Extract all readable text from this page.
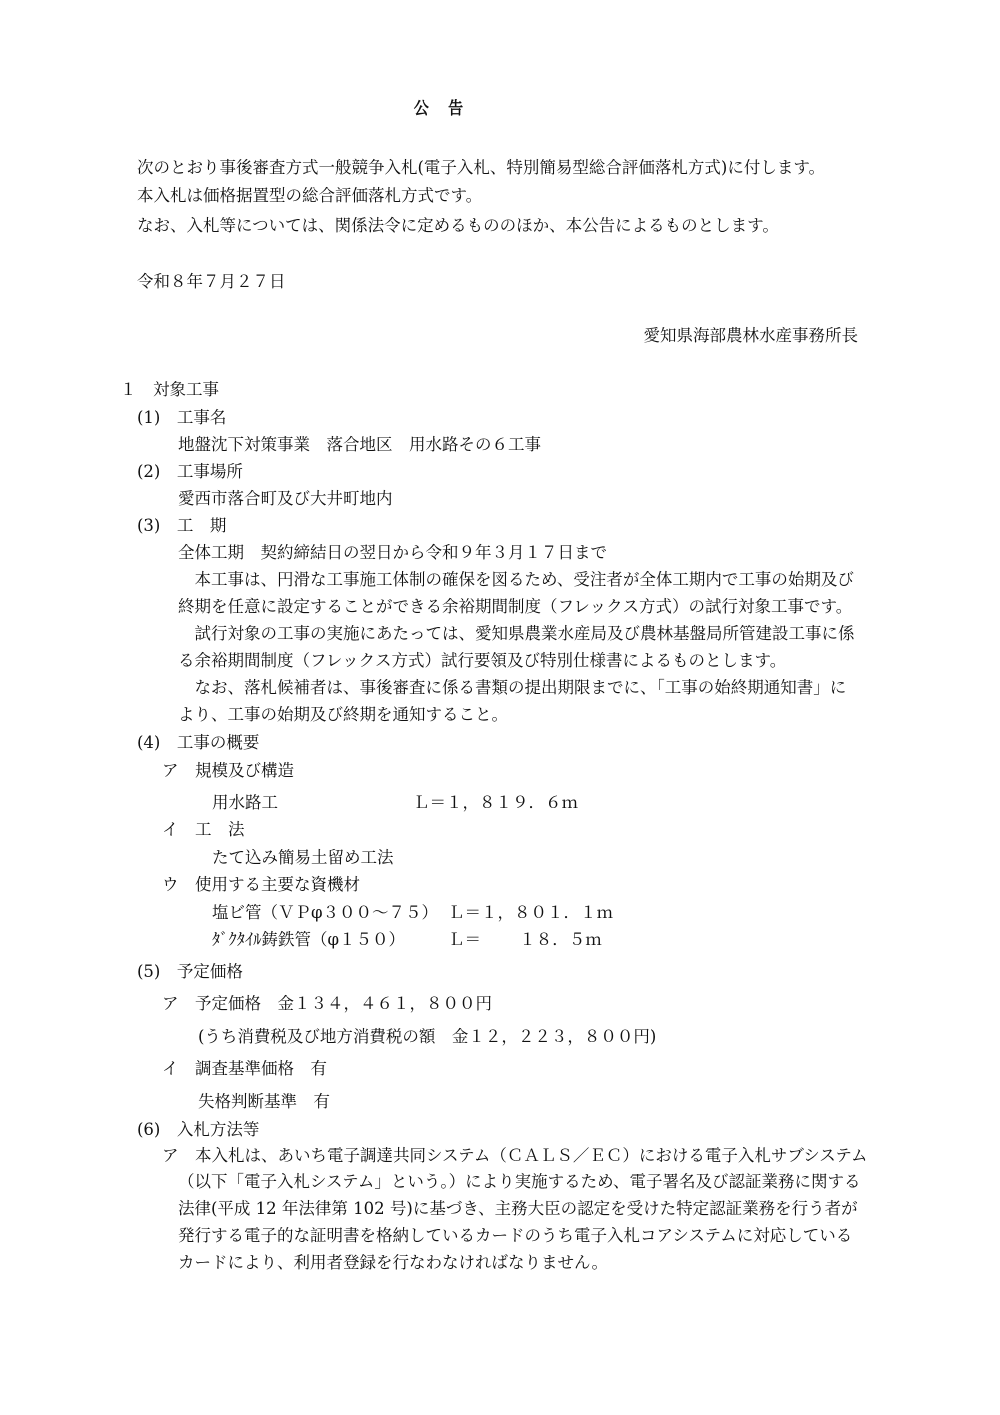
公 告
次のとおり事後審査方式一般競争入札(電子入札、特別簡易型総合評価落札方式)に付します。
本入札は価格据置型の総合評価落札方式です。
なお、入札等については、関係法令に定めるもののほか、本公告によるものとします。
令和８年７月２７日
愛知県海部農林水産事務所長
１　対象工事
(1)　工事名
地盤沈下対策事業　落合地区　用水路その６工事
(2)　工事場所
愛西市落合町及び大井町地内
(3)　工　期
全体工期　契約締結日の翌日から令和９年３月１７日まで
　本工事は、円滑な工事施工体制の確保を図るため、受注者が全体工期内で工事の始期及び
終期を任意に設定することができる余裕期間制度（フレックス方式）の試行対象工事です。
　試行対象の工事の実施にあたっては、愛知県農業水産局及び農林基盤局所管建設工事に係
る余裕期間制度（フレックス方式）試行要領及び特別仕様書によるものとします。
　なお、落札候補者は、事後審査に係る書類の提出期限までに、「工事の始終期通知書」に
より、工事の始期及び終期を通知すること。
(4)　工事の概要
ア　規模及び構造
用水路工	Ｌ＝１，８１９．６ｍ
イ　工　法
たて込み簡易土留め工法
ウ　使用する主要な資機材
塩ビ管（ＶＰφ３００～７５） Ｌ＝１，８０１．１ｍ
ﾀﾞｸﾀｲﾙ鋳鉄管（φ１５０）	Ｌ＝　　 １８．５ｍ
(5)　予定価格
ア　予定価格　金１３４，４６１，８００円
(うち消費税及び地方消費税の額　金１２，２２３，８００円)
イ　調査基準価格　有
失格判断基準　有
(6)　入札方法等
ア　本入札は、あいち電子調達共同システム（ＣＡＬＳ／ＥＣ）における電子入札サブシステム
（以下「電子入札システム」という。）により実施するため、電子署名及び認証業務に関する
法律(平成 12 年法律第 102 号)に基づき、主務大臣の認定を受けた特定認証業務を行う者が
発行する電子的な証明書を格納しているカードのうち電子入札コアシステムに対応している
カードにより、利用者登録を行なわなければなりません。
